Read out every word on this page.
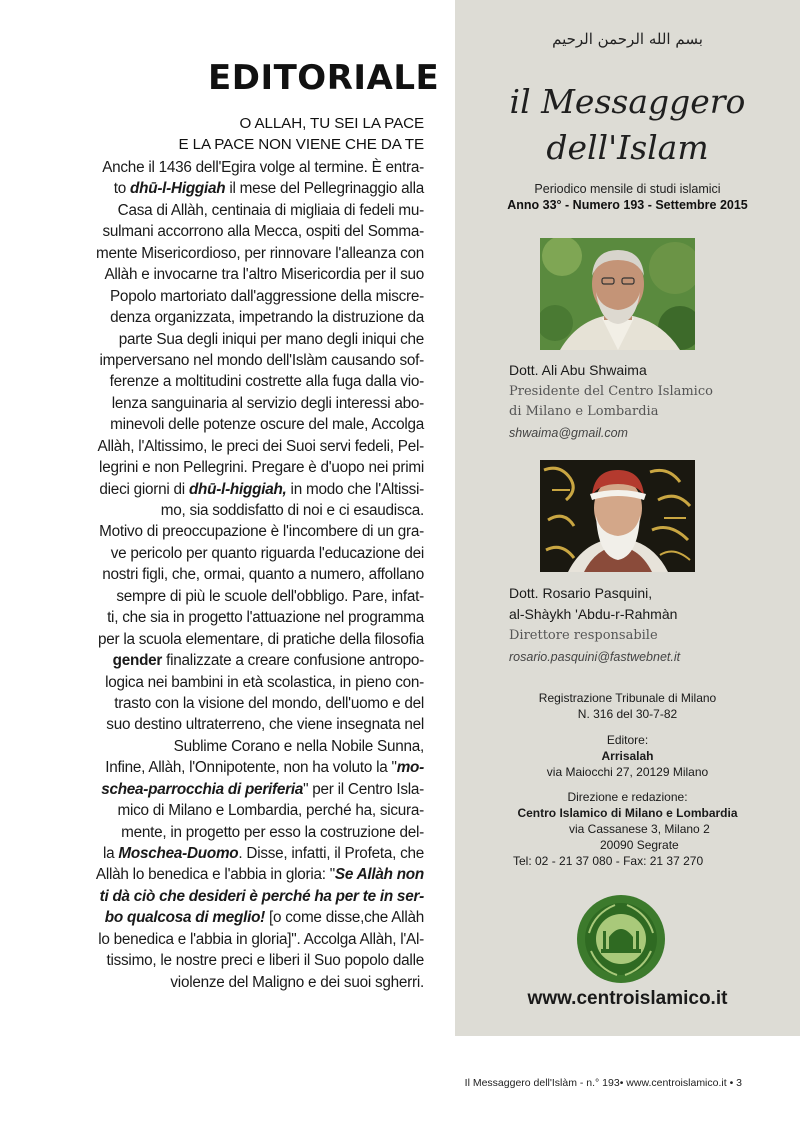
EDITORIALE
O ALLAH, TU SEI LA PACE
E LA PACE NON VIENE CHE DA TE
Anche il 1436 dell'Egira volge al termine. È entra-
to dhū-l-Higgiah il mese del Pellegrinaggio alla
Casa di Allàh, centinaia di migliaia di fedeli mu-
sulmani accorrono alla Mecca, ospiti del Somma-
mente Misericordioso, per rinnovare l'alleanza con
Allàh e invocarne tra l'altro Misericordia per il suo
Popolo martoriato dall'aggressione della miscre-
denza organizzata, impetrando la distruzione da
parte Sua degli iniqui per mano degli iniqui che
imperversano nel mondo dell'Islàm causando sof-
ferenze a moltitudini costrette alla fuga dalla vio-
lenza sanguinaria al servizio degli interessi abo-
minevoli delle potenze oscure del male, Accolga
Allàh, l'Altissimo, le preci dei Suoi servi fedeli, Pel-
legrini e non Pellegrini. Pregare è d'uopo nei primi
dieci giorni di dhū-l-higgiah, in modo che l'Altissi-
mo, sia soddisfatto di noi e ci esaudisca.
Motivo di preoccupazione è l'incombere di un gra-
ve pericolo per quanto riguarda l'educazione dei
nostri figli, che, ormai, quanto a numero, affollano
sempre di più le scuole dell'obbligo. Pare, infat-
ti, che sia in progetto l'attuazione nel programma
per la scuola elementare, di pratiche della filosofia
gender finalizzate a creare confusione antropo-
logica nei bambini in età scolastica, in pieno con-
trasto con la visione del mondo, dell'uomo e del
suo destino ultraterreno, che viene insegnata nel
Sublime Corano e nella Nobile Sunna,
Infine, Allàh, l'Onnipotente, non ha voluto la "mo-
schea-parrocchia di periferia" per il Centro Isla-
mico di Milano e Lombardia, perché ha, sicura-
mente, in progetto per esso la costruzione del-
la Moschea-Duomo. Disse, infatti, il Profeta, che
Allàh lo benedica e l'abbia in gloria: "Se Allàh non
ti dà ciò che desideri è perché ha per te in ser-
bo qualcosa di meglio! [o come disse,che Allàh
lo benedica e l'abbia in gloria]". Accolga Allàh, l'Al-
tissimo, le nostre preci e liberi il Suo popolo dalle
violenze del Maligno e dei suoi sgherri.
بسم الله الرحمن الرحيم
il Messaggero
dell'Islam
Periodico mensile di studi islamici
Anno 33° - Numero 193 - Settembre 2015
Dott. Ali Abu Shwaima
Presidente del Centro Islamico
di Milano e Lombardia
shwaima@gmail.com
Dott. Rosario Pasquini,
al-Shàykh 'Abdu-r-Rahmàn
Direttore responsabile
rosario.pasquini@fastwebnet.it
Registrazione Tribunale di Milano
N. 316 del 30-7-82
Editore:
Arrisalah
via Maiocchi 27, 20129 Milano
Direzione e redazione:
Centro Islamico di Milano e Lombardia
via Cassanese 3, Milano 2
20090 Segrate
Tel: 02 - 21 37 080 - Fax: 21 37 270
www.centroislamico.it
Il Messaggero dell'Islàm - n.° 193• www.centroislamico.it • 3
